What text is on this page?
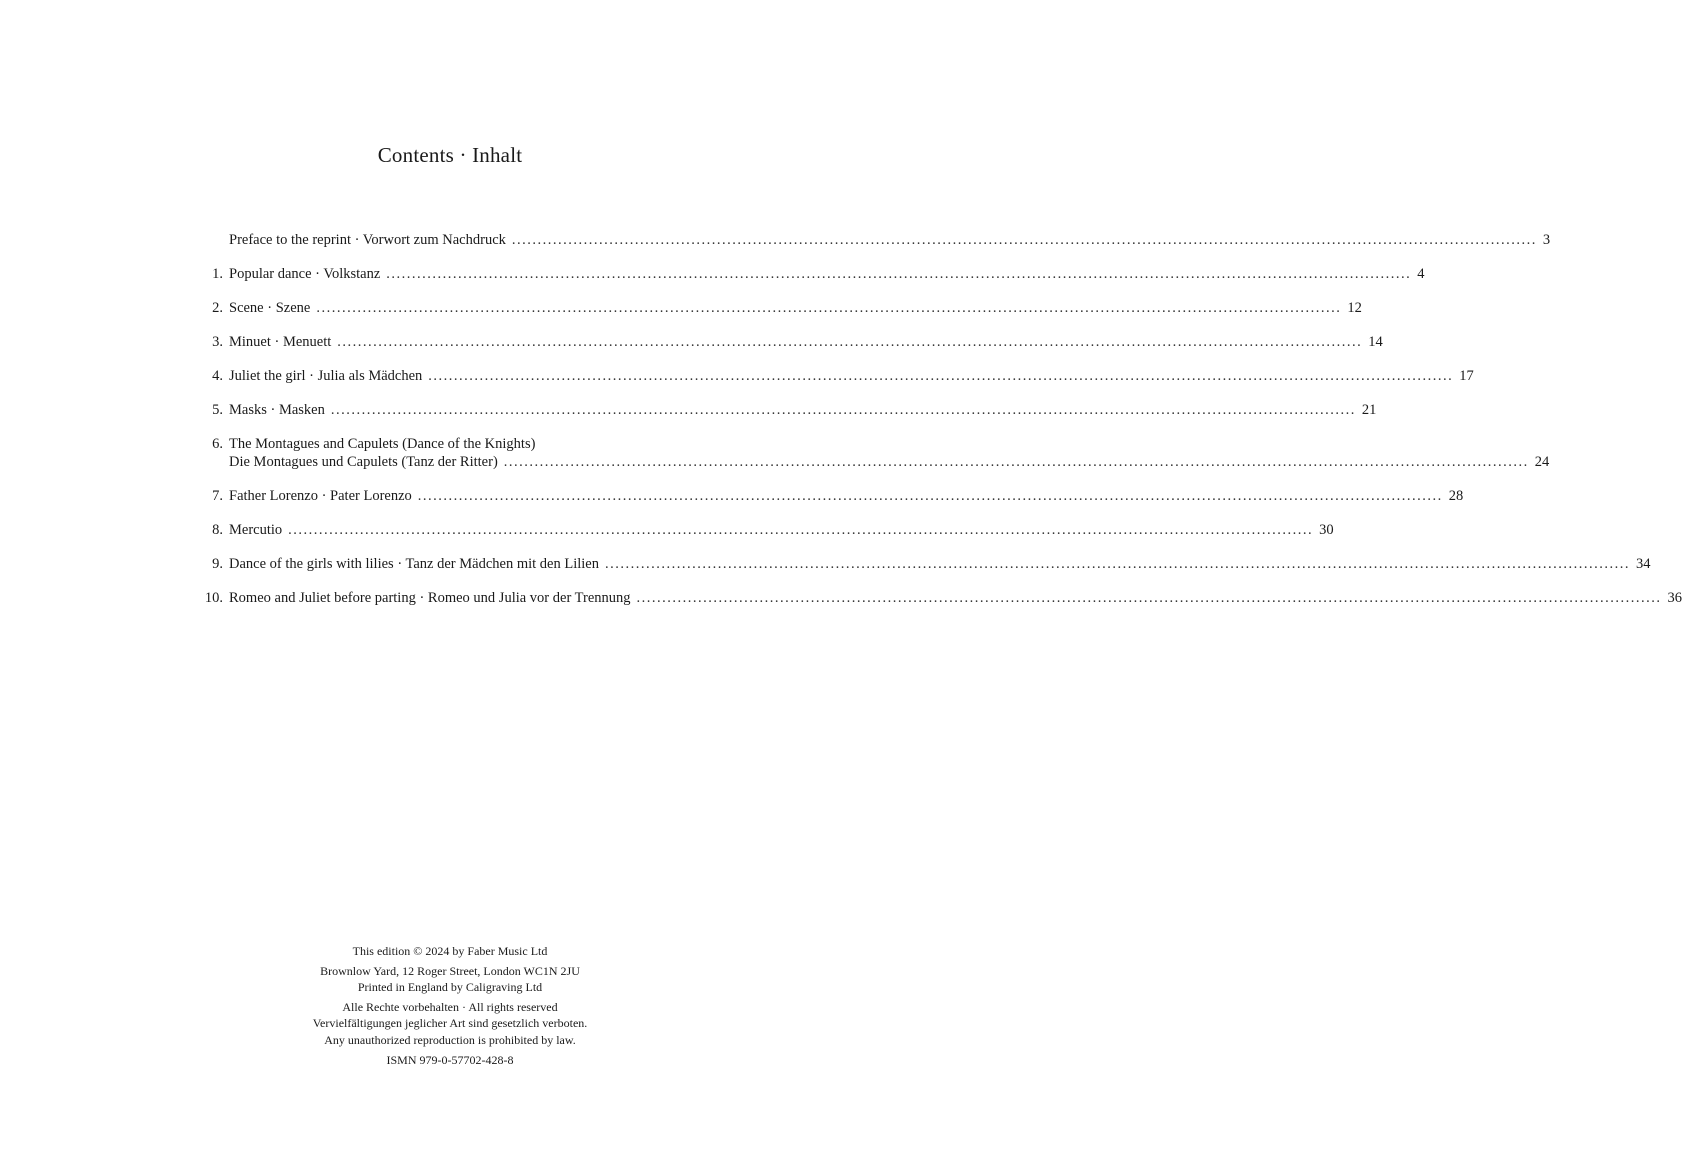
Contents · Inhalt
Preface to the reprint · Vorwort zum Nachdruck ........................................................................................................................................................................................................ 3
1. Popular dance · Volkstanz ........................................................................................................................................................................................................ 4
2. Scene · Szene ........................................................................................................................................................................................................ 12
3. Minuet · Menuett ........................................................................................................................................................................................................ 14
4. Juliet the girl · Julia als Mädchen ........................................................................................................................................................................................................ 17
5. Masks · Masken ........................................................................................................................................................................................................ 21
6. The Montagues and Capulets (Dance of the Knights)
Die Montagues und Capulets (Tanz der Ritter) ........................................................................................................................................................................................................ 24
7. Father Lorenzo · Pater Lorenzo ........................................................................................................................................................................................................ 28
8. Mercutio ........................................................................................................................................................................................................ 30
9. Dance of the girls with lilies · Tanz der Mädchen mit den Lilien ........................................................................................................................................................................................................ 34
10. Romeo and Juliet before parting · Romeo und Julia vor der Trennung ........................................................................................................................................................................................................ 36
This edition © 2024 by Faber Music Ltd
Brownlow Yard, 12 Roger Street, London WC1N 2JU
Printed in England by Caligraving Ltd
Alle Rechte vorbehalten · All rights reserved
Vervielfältigungen jeglicher Art sind gesetzlich verboten.
Any unauthorized reproduction is prohibited by law.
ISMN 979-0-57702-428-8
